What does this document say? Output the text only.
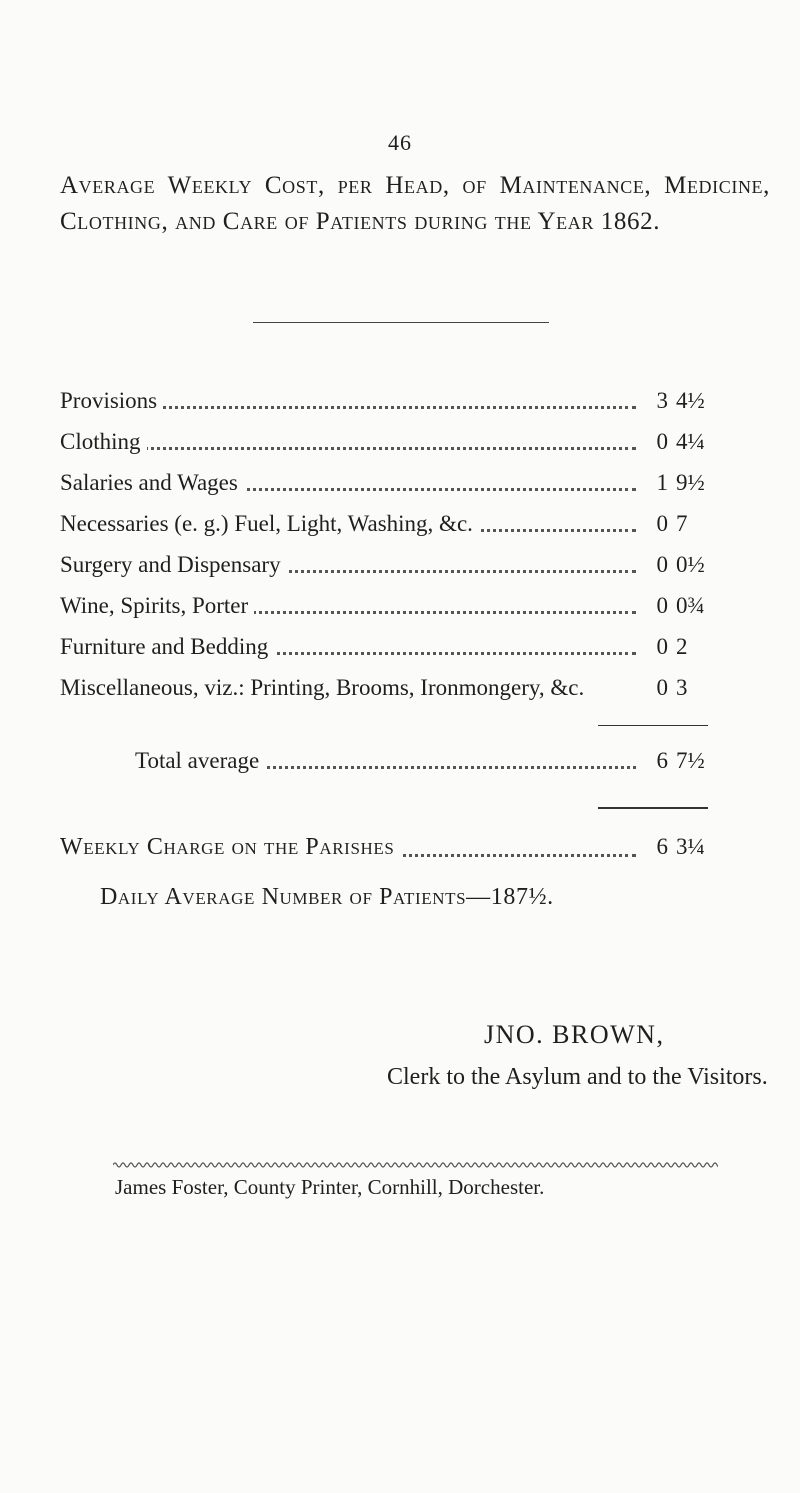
46
Average Weekly Cost, per Head, of Maintenance, Medicine, Clothing, and Care of Patients during the Year 1862.
Provisions	3 4½
Clothing	0 4¼
Salaries and Wages	1 9½
Necessaries (e. g.) Fuel, Light, Washing, &c.	0 7
Surgery and Dispensary	0 0½
Wine, Spirits, Porter	0 0¾
Furniture and Bedding	0 2
Miscellaneous, viz.: Printing, Brooms, Ironmongery, &c.	0 3
Total average	6 7½
Weekly Charge on the Parishes	6 3¼
Daily Average Number of Patients—187½.
JNO. BROWN,
Clerk to the Asylum and to the Visitors.
James Foster, County Printer, Cornhill, Dorchester.
